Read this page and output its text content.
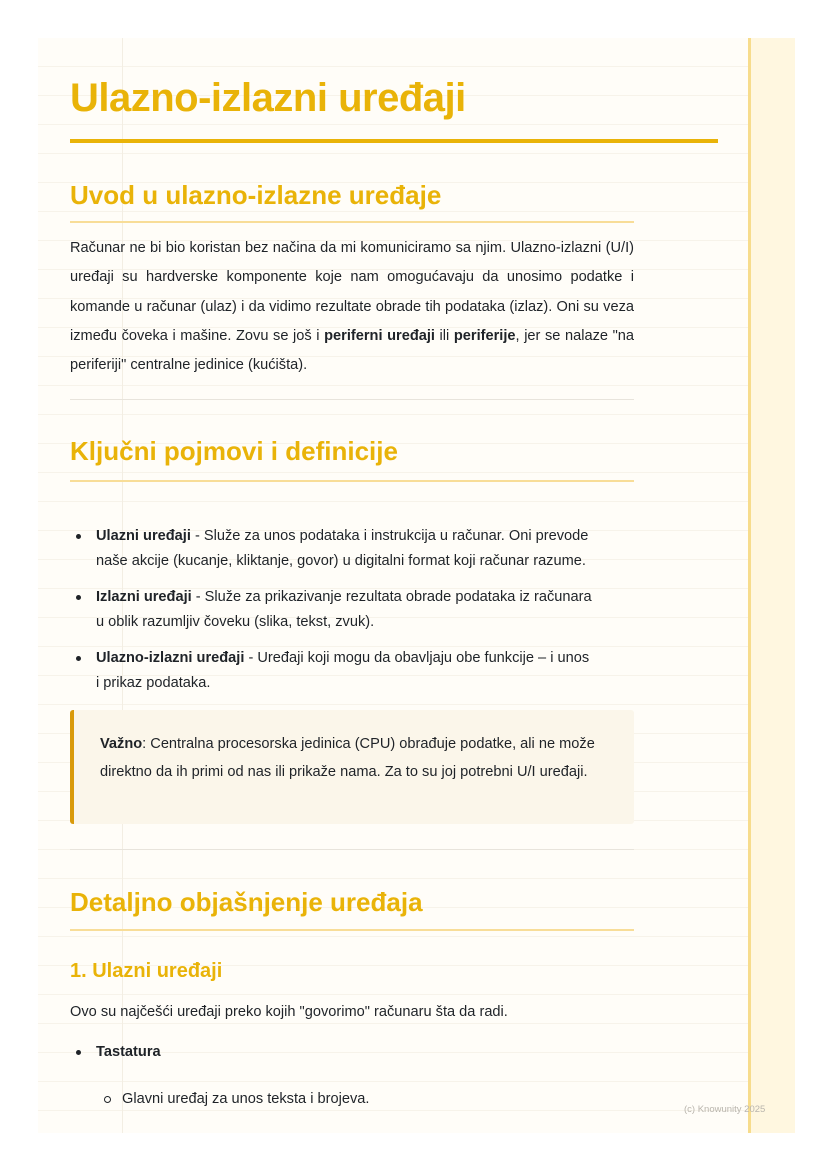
Ulazno-izlazni uređaji
Uvod u ulazno-izlazne uređaje

Računar ne bi bio koristan bez načina da mi komuniciramo sa njim. Ulazno-izlazni (U/I) uređaji su hardverske komponente koje nam omogućavaju da unosimo podatke i komande u računar (ulaz) i da vidimo rezultate obrade tih podataka (izlaz). Oni su veza između čoveka i mašine. Zovu se još i periferni uređaji ili periferije, jer se nalaze "na periferiji" centralne jedinice (kućišta).

Ključni pojmovi i definicije
Ulazni uređaji - Služe za unos podataka i instrukcija u računar. Oni prevode naše akcije (kucanje, kliktanje, govor) u digitalni format koji računar razume.
Izlazni uređaji - Služe za prikazivanje rezultata obrade podataka iz računara u oblik razumljiv čoveku (slika, tekst, zvuk).
Ulazno-izlazni uređaji - Uređaji koji mogu da obavljaju obe funkcije – i unos i prikaz podataka.
Važno: Centralna procesorska jedinica (CPU) obrađuje podatke, ali ne može direktno da ih primi od nas ili prikaže nama. Za to su joj potrebni U/I uređaji.
Detaljno objašnjenje uređaja
1. Ulazni uređaji

Ovo su najčešći uređaji preko kojih "govorimo" računaru šta da radi.

Tastatura
Glavni uređaj za unos teksta i brojeva.
(c) Knowunity 2025
